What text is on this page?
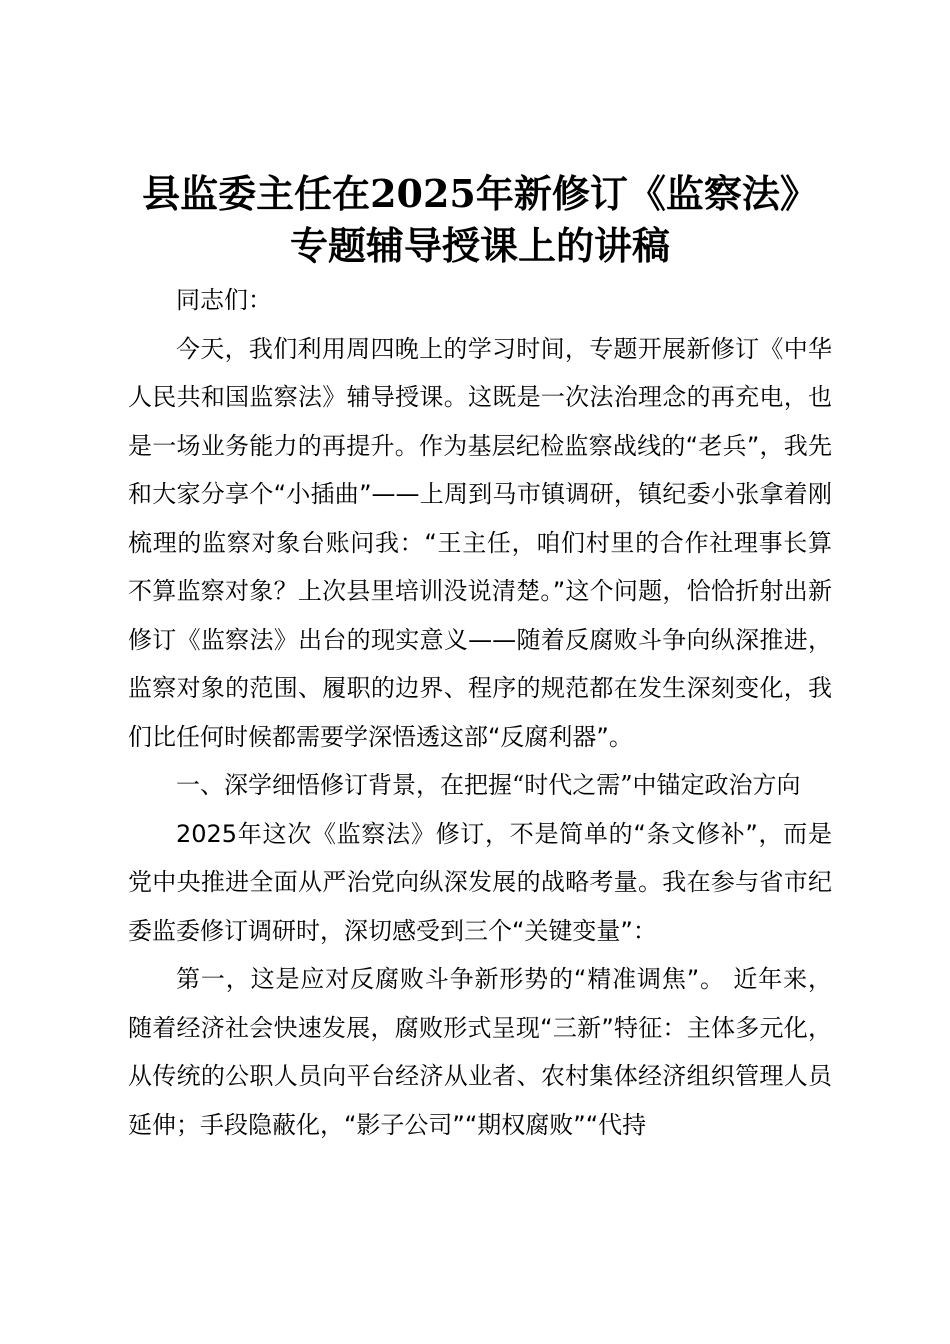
县监委主任在2025年新修订《监察法》专题辅导授课上的讲稿

同志们：

今天，我们利用周四晚上的学习时间，专题开展新修订《中华人民共和国监察法》辅导授课。这既是一次法治理念的再充电，也是一场业务能力的再提升。作为基层纪检监察战线的“老兵”，我先和大家分享个“小插曲”——上周到马市镇调研，镇纪委小张拿着刚梳理的监察对象台账问我：“王主任，咱们村里的合作社理事长算不算监察对象？上次县里培训没说清楚。”这个问题，恰恰折射出新修订《监察法》出台的现实意义——随着反腐败斗争向纵深推进，监察对象的范围、履职的边界、程序的规范都在发生深刻变化，我们比任何时候都需要学深悟透这部“反腐利器”。

一、深学细悟修订背景，在把握“时代之需”中锚定政治方向

2025年这次《监察法》修订，不是简单的“条文修补”，而是党中央推进全面从严治党向纵深发展的战略考量。我在参与省市纪委监委修订调研时，深切感受到三个“关键变量”：

第一，这是应对反腐败斗争新形势的“精准调焦”。 近年来，随着经济社会快速发展，腐败形式呈现“三新”特征：主体多元化，从传统的公职人员向平台经济从业者、农村集体经济组织管理人员延伸；手段隐蔽化，“影子公司”“期权腐败”“代持
